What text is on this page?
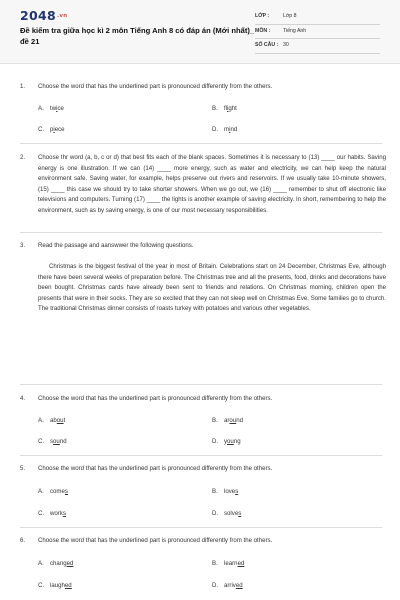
$2048^{.vn}$
Đề kiểm tra giữa học kì 2 môn Tiếng Anh 8 có đáp án (Mới nhất)_ đề 21
LỚP :	Lớp 8
MÔN : Tiếng Anh
SỐ CÂU : 30
1.	Choose the word that has the underlined part is pronounced differently from the others.
A. twice	B. flight
C. piece	D. mind
2.	Choose thr word (a, b, c or d) that best fits each of the blank spaces. Sometimes it is necessary to (13) ____ our habits. Saving energy is one illustration. If we can (14) ____ more energy, such as water and electricity, we can help keep the natural environment safe. Saving water, for example, helps preserve out rivers and reservoirs. If we usually take 10-minute showers, (15) ____ this case we should try to take shorter showers. When we go out, we (16) ____ remember to shut off electronic like televisions and computers. Turning (17) ____ the lights is another example of saving electricity. In short, remembering to help the environment, such as by saving energy, is one of our most necessary responsibilities.
3.	Read the passage and aanswwer the following questions.
Christmas is the biggest festival of the year in most of Britain. Celebrations start on 24 December, Christmas Eve, although there have been several weeks of preparation before. The Christmas tree and all the presents, food, drinks and decorations have been bought. Christmas cards have already been sent to friends and relations. On Christmas morning, children open the presents that were in their socks. They are so excited that they can not sleep well on Christmas Eve. Some families go to church. The traditional Christmas dinner consists of roasts turkey with potatoes and various other vegetables.
4.	Choose the word that has the underlined part is pronounced differently from the others.
A. about	B. around
C. sound	D. young
5.	Choose the word that has the underlined part is pronounced differently from the others.
A. comes	B. loves
C. works	D. solves
6.	Choose the word that has the underlined part is pronounced differently from the others.
A. changed	B. learned
C. laughed	D. arrived
